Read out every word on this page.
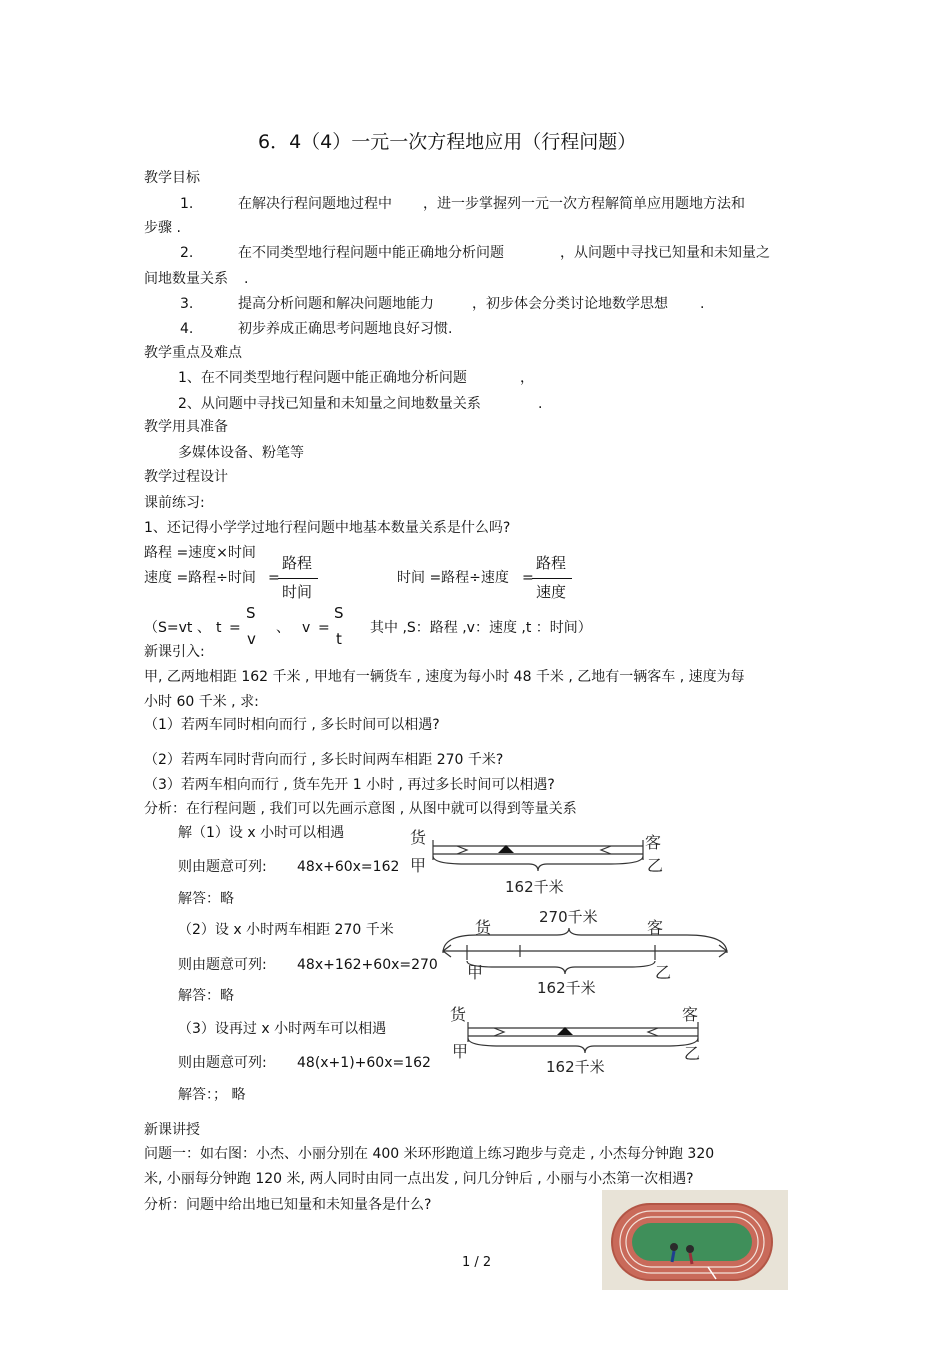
6．4（4）一元一次方程地应用（行程问题）
教学目标
1.	在解决行程问题地过程中 ，进一步掌握列一元一次方程解简单应用题地方法和
步骤 .
2.	在不同类型地行程问题中能正确地分析问题	，从问题中寻找已知量和未知量之
间地数量关系 .
3.	提高分析问题和解决问题地能力	，初步体会分类讨论地数学思想 .
4.	初步养成正确思考问题地良好习惯.
教学重点及难点
1、在不同类型地行程问题中能正确地分析问题	，
2、从问题中寻找已知量和未知量之间地数量关系	.
教学用具准备
多媒体设备、粉笔等
教学过程设计
课前练习:
1、还记得小学学过地行程问题中地基本数量关系是什么吗?
路程 =速度×时间
速度 =路程÷时间 =
路程
时间
时间 =路程÷速度 =
路程
速度
（S=vt 、 t =
S
v
、 v =
S
t
其中 ,S：路程 ,v：速度 ,t ：时间）
新课引入:
甲, 乙两地相距 162 千米 , 甲地有一辆货车 , 速度为每小时 48 千米 , 乙地有一辆客车 , 速度为每
小时 60 千米 , 求:
（1）若两车同时相向而行 , 多长时间可以相遇?
（2）若两车同时背向而行 , 多长时间两车相距 270 千米?
（3）若两车相向而行 , 货车先开 1 小时 , 再过多长时间可以相遇?
分析：在行程问题 , 我们可以先画示意图 , 从图中就可以得到等量关系
解（1）设 x 小时可以相遇
则由题意可列: 48x+60x=162
解答：略
（2）设 x 小时两车相距 270 千米
则由题意可列: 48x+162+60x=270
解答：略
（3）设再过 x 小时两车可以相遇
则由题意可列: 48(x+1)+60x=162
解答：； 略
货
甲
客
乙
162千米
270千米
货	客
甲	乙
162千米
货
甲
客
乙
162千米
新课讲授
问题一：如右图：小杰、小丽分别在 400 米环形跑道上练习跑步与竞走 , 小杰每分钟跑 320
米, 小丽每分钟跑 120 米, 两人同时由同一点出发 , 问几分钟后 , 小丽与小杰第一次相遇?
分析：问题中给出地已知量和未知量各是什么?
1 / 2
